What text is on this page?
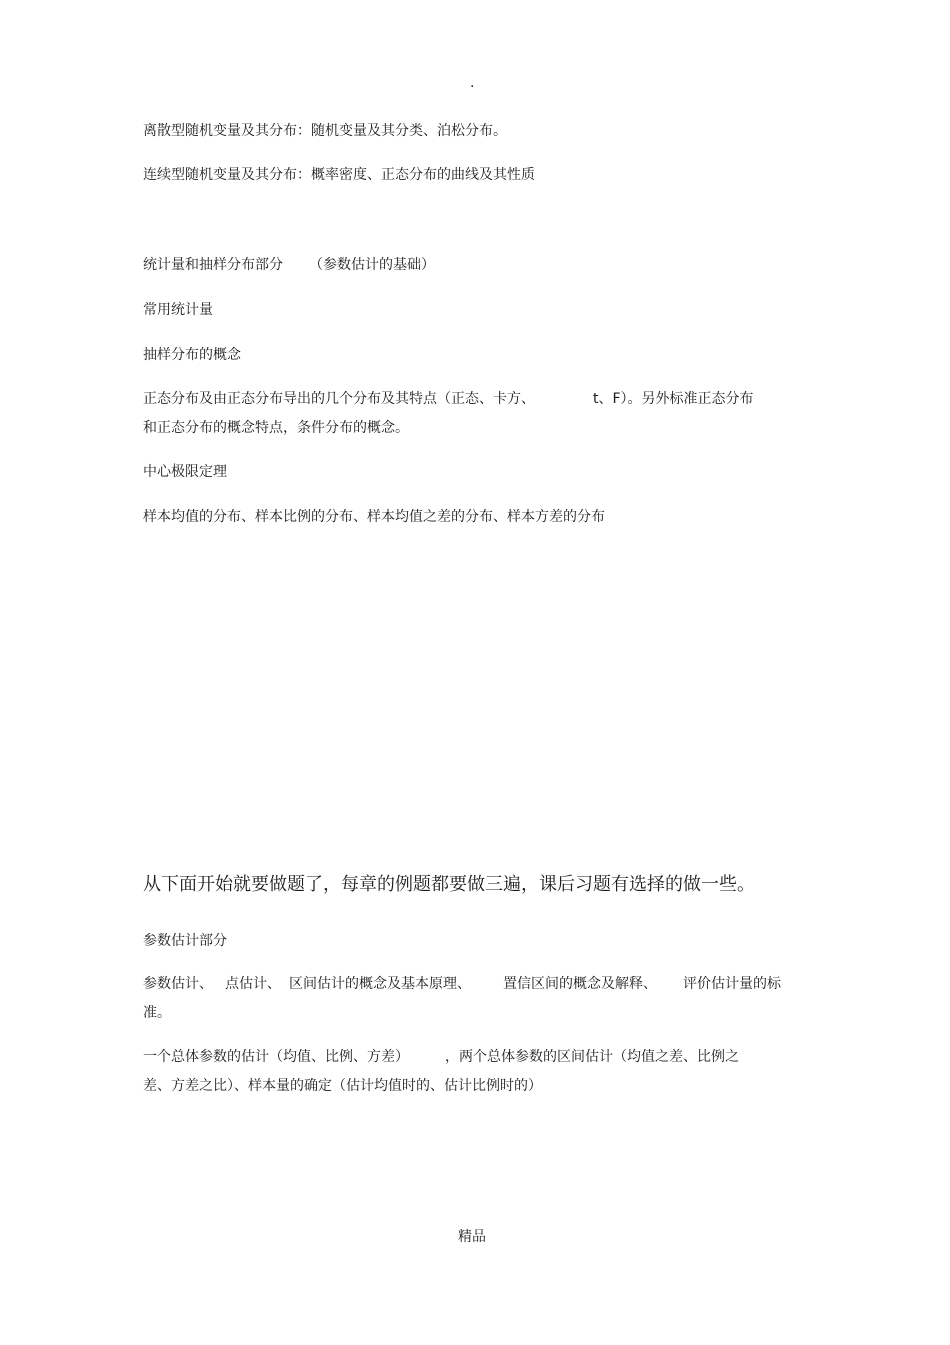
.
离散型随机变量及其分布：随机变量及其分类、泊松分布。
连续型随机变量及其分布：概率密度、正态分布的曲线及其性质
统计量和抽样分布部分 （参数估计的基础）
常用统计量
抽样分布的概念
正态分布及由正态分布导出的几个分布及其特点（正态、卡方、	t、F）。另外标准正态分布
和正态分布的概念特点，条件分布的概念。
中心极限定理
样本均值的分布、样本比例的分布、样本均值之差的分布、样本方差的分布
从下面开始就要做题了，每章的例题都要做三遍，课后习题有选择的做一些。
参数估计部分
参数估计、 点估计、 区间估计的概念及基本原理、 置信区间的概念及解释、 评价估计量的标
准。
一个总体参数的估计（均值、比例、方差）	，两个总体参数的区间估计（均值之差、比例之
差、方差之比）、样本量的确定（估计均值时的、估计比例时的）
精品
